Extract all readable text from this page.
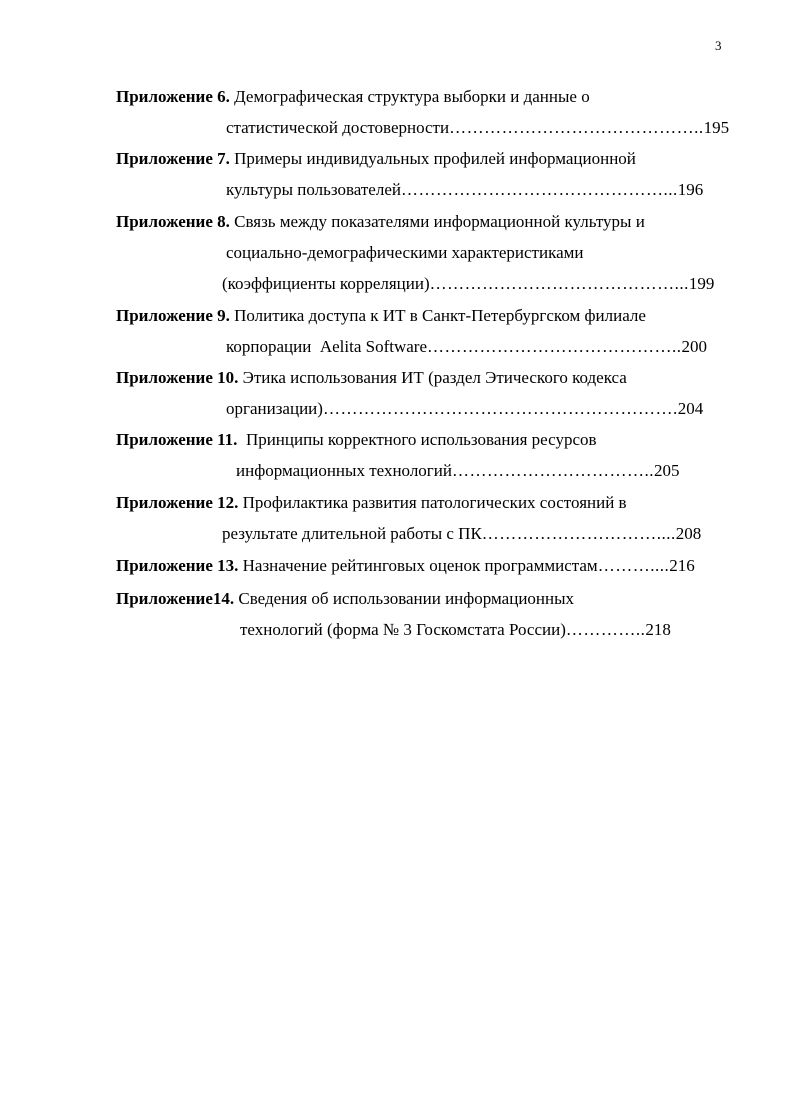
3
Приложение 6. Демографическая структура выборки и данные о
статистической достоверности……………………………………..195
Приложение 7. Примеры индивидуальных профилей информационной
культуры пользователей………………………………………...196
Приложение 8. Связь между показателями информационной культуры и
социально-демографическими характеристиками
(коэффициенты корреляции)……………………………………...199
Приложение 9. Политика доступа к ИТ в Санкт-Петербургском филиале
корпорации  Aelita Software……………………………………..200
Приложение 10. Этика использования ИТ (раздел Этического кодекса
организации)…………………………………………………….204
Приложение 11.  Принципы корректного использования ресурсов
информационных технологий……………………………..205
Приложение 12. Профилактика развития патологических состояний в
результате длительной работы с ПК…………………………....208
Приложение 13. Назначение рейтинговых оценок программистам………....216
Приложение14. Сведения об использовании информационных
технологий (форма № 3 Госкомстата России)…………..218
